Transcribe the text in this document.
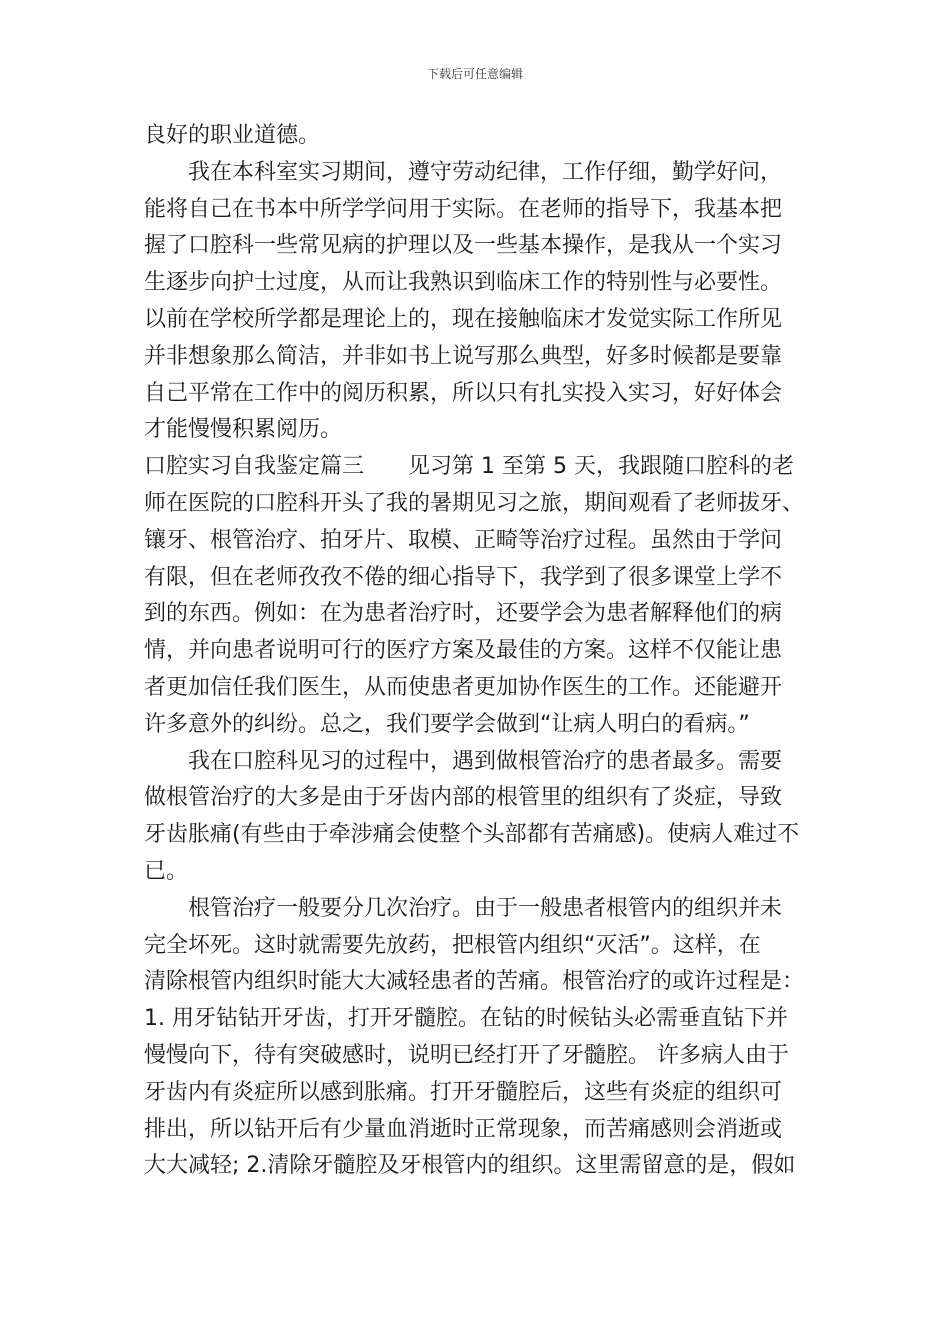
下载后可任意编辑

良好的职业道德。

我在本科室实习期间，遵守劳动纪律，工作仔细，勤学好问，

能将自己在书本中所学学问用于实际。在老师的指导下，我基本把

握了口腔科一些常见病的护理以及一些基本操作，是我从一个实习

生逐步向护士过度，从而让我熟识到临床工作的特别性与必要性。

以前在学校所学都是理论上的，现在接触临床才发觉实际工作所见

并非想象那么简洁，并非如书上说写那么典型，好多时候都是要靠

自己平常在工作中的阅历积累，所以只有扎实投入实习，好好体会

才能慢慢积累阅历。

口腔实习自我鉴定篇三　　见习第 1 至第 5 天，我跟随口腔科的老

师在医院的口腔科开头了我的暑期见习之旅，期间观看了老师拔牙、

镶牙、根管治疗、拍牙片、取模、正畸等治疗过程。虽然由于学问

有限，但在老师孜孜不倦的细心指导下，我学到了很多课堂上学不

到的东西。例如：在为患者治疗时，还要学会为患者解释他们的病

情，并向患者说明可行的医疗方案及最佳的方案。这样不仅能让患

者更加信任我们医生，从而使患者更加协作医生的工作。还能避开

许多意外的纠纷。总之，我们要学会做到“让病人明白的看病。”

我在口腔科见习的过程中，遇到做根管治疗的患者最多。需要

做根管治疗的大多是由于牙齿内部的根管里的组织有了炎症，导致

牙齿胀痛(有些由于牵涉痛会使整个头部都有苦痛感)。使病人难过不

已。

根管治疗一般要分几次治疗。由于一般患者根管内的组织并未

完全坏死。这时就需要先放药，把根管内组织“灭活”。这样，在

清除根管内组织时能大大减轻患者的苦痛。根管治疗的或许过程是：

1. 用牙钻钻开牙齿，打开牙髓腔。在钻的时候钻头必需垂直钻下并

慢慢向下，待有突破感时，说明已经打开了牙髓腔。 许多病人由于

牙齿内有炎症所以感到胀痛。打开牙髓腔后，这些有炎症的组织可

排出，所以钻开后有少量血消逝时正常现象，而苦痛感则会消逝或

大大减轻; 2.清除牙髓腔及牙根管内的组织。这里需留意的是，假如
